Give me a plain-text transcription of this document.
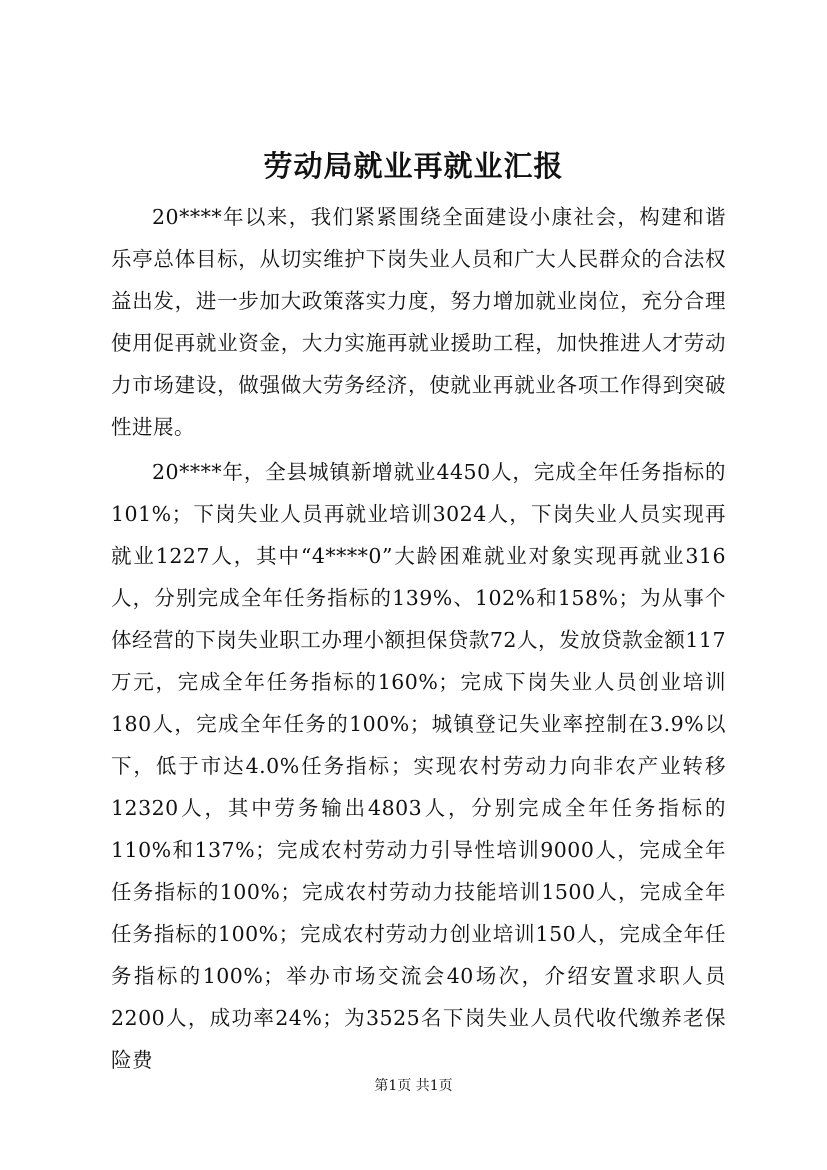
劳动局就业再就业汇报

20****年以来，我们紧紧围绕全面建设小康社会，构建和谐乐亭总体目标，从切实维护下岗失业人员和广大人民群众的合法权益出发，进一步加大政策落实力度，努力增加就业岗位，充分合理使用促再就业资金，大力实施再就业援助工程，加快推进人才劳动力市场建设，做强做大劳务经济，使就业再就业各项工作得到突破性进展。

20****年，全县城镇新增就业4450人，完成全年任务指标的101%；下岗失业人员再就业培训3024人，下岗失业人员实现再就业1227人，其中“4****0”大龄困难就业对象实现再就业316人，分别完成全年任务指标的139%、102%和158%；为从事个体经营的下岗失业职工办理小额担保贷款72人，发放贷款金额117万元，完成全年任务指标的160%；完成下岗失业人员创业培训180人，完成全年任务的100%；城镇登记失业率控制在3.9%以下，低于市达4.0%任务指标；实现农村劳动力向非农产业转移12320人，其中劳务输出4803人，分别完成全年任务指标的110%和137%；完成农村劳动力引导性培训9000人，完成全年任务指标的100%；完成农村劳动力技能培训1500人，完成全年任务指标的100%；完成农村劳动力创业培训150人，完成全年任务指标的100%；举办市场交流会40场次，介绍安置求职人员2200人，成功率24%；为3525名下岗失业人员代收代缴养老保险费

第1页 共1页
